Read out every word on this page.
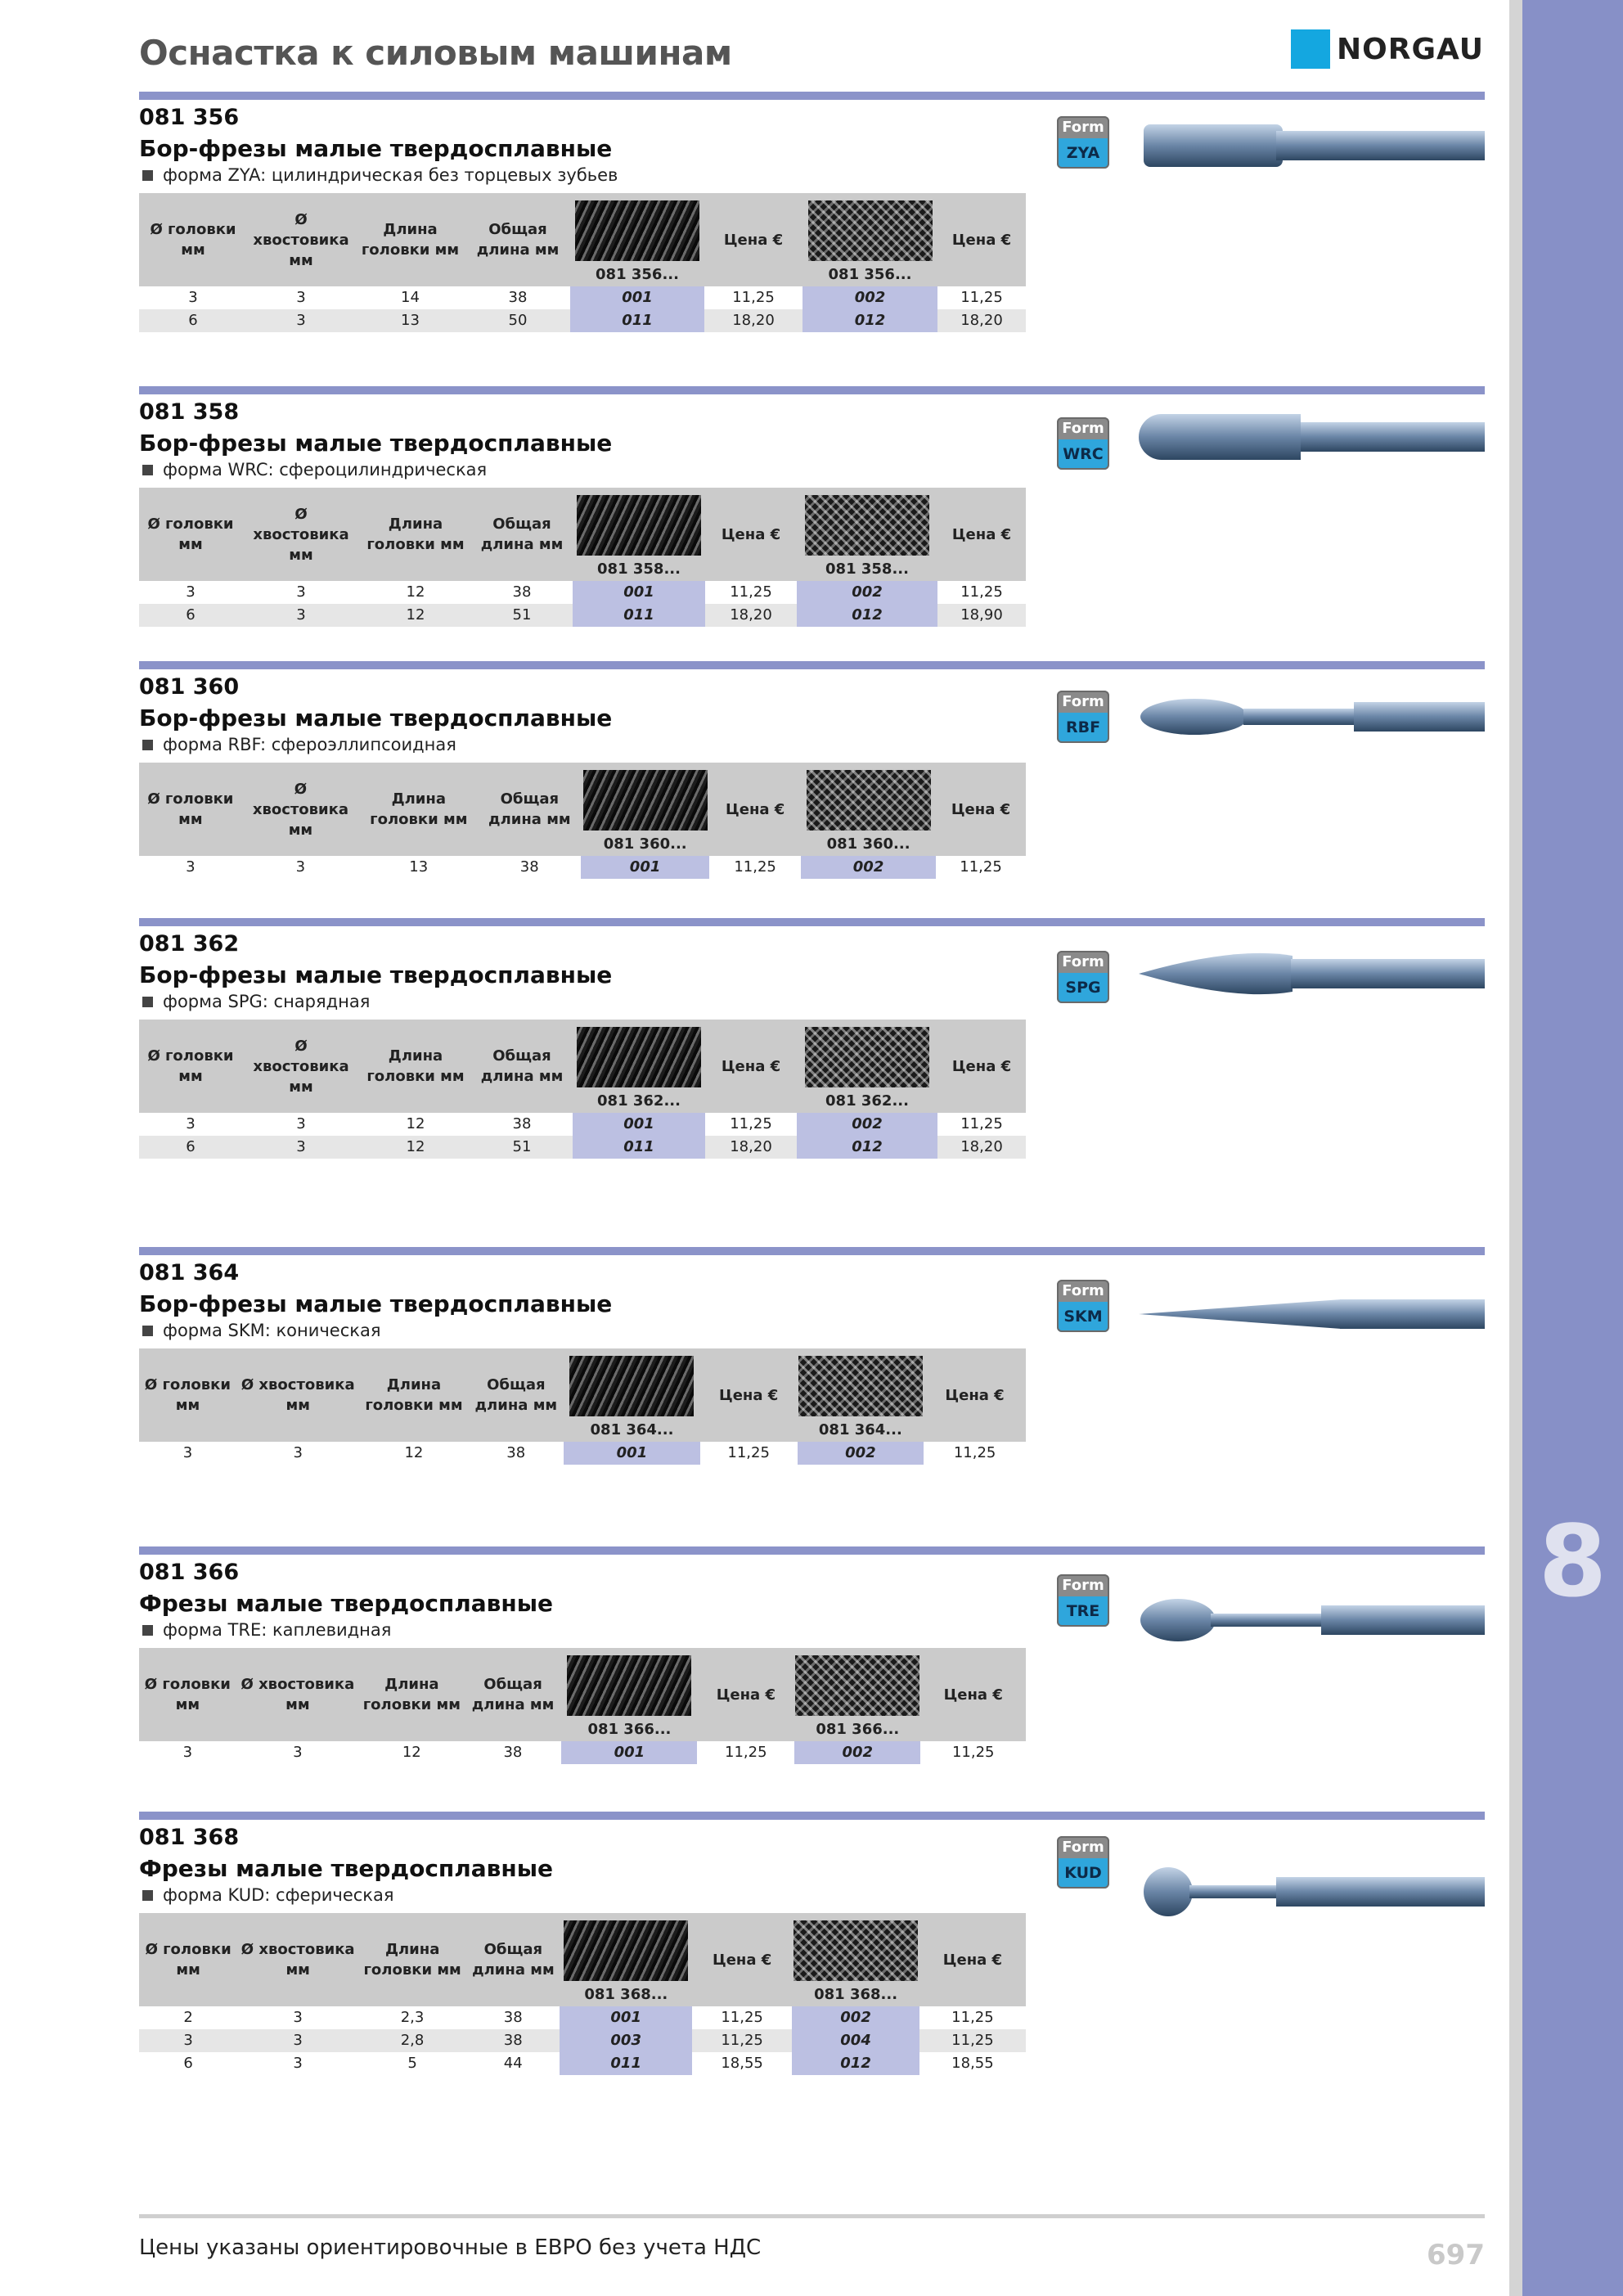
8
Оснастка к силовым машинам	NORGAU
081 356
Бор-фрезы малые твердосплавные
форма ZYA: цилиндрическая без торцевых зубьев
Ø головки мм
Ø хвостовика мм
Длина головки мм
Общая длина мм
081 356...
Цена €
081 356...
Цена €
3	3	14	38	001	11,25	002	11,25
6	3	13	50	011	18,20	012	18,20
Form
ZYA
081 358
Бор-фрезы малые твердосплавные
форма WRC: сфероцилиндрическая
Ø головки мм
Ø хвостовика мм
Длина головки мм
Общая длина мм
081 358...
Цена €
081 358...
Цена €
3	3	12	38	001	11,25	002	11,25
6	3	12	51	011	18,20	012	18,90
Form
WRC
081 360
Бор-фрезы малые твердосплавные
форма RBF: сфероэллипсоидная
Ø головки мм
Ø хвостовика мм
Длина головки мм
Общая длина мм
081 360...
Цена €
081 360...
Цена €
3	3	13	38	001	11,25	002	11,25
Form
RBF
081 362
Бор-фрезы малые твердосплавные
форма SPG: снарядная
Ø головки мм
Ø хвостовика мм
Длина головки мм
Общая длина мм
081 362...
Цена €
081 362...
Цена €
3	3	12	38	001	11,25	002	11,25
6	3	12	51	011	18,20	012	18,20
Form
SPG
081 364
Бор-фрезы малые твердосплавные
форма SKM: коническая
Ø головки мм
Ø хвостовика мм
Длина головки мм
Общая длина мм
081 364...
Цена €
081 364...
Цена €
3	3	12	38	001	11,25	002	11,25
Form
SKM
081 366
Фрезы малые твердосплавные
форма TRE: каплевидная
Ø головки мм
Ø хвостовика мм
Длина головки мм
Общая длина мм
081 366...
Цена €
081 366...
Цена €
3	3	12	38	001	11,25	002	11,25
Form
TRE
081 368
Фрезы малые твердосплавные
форма KUD: сферическая
Ø головки мм
Ø хвостовика мм
Длина головки мм
Общая длина мм
081 368...
Цена €
081 368...
Цена €
2	3	2,3	38	001	11,25	002	11,25
3	3	2,8	38	003	11,25	004	11,25
6	3	5	44	011	18,55	012	18,55
Form
KUD
Цены указаны ориентировочные в ЕВРО без учета НДС	697
